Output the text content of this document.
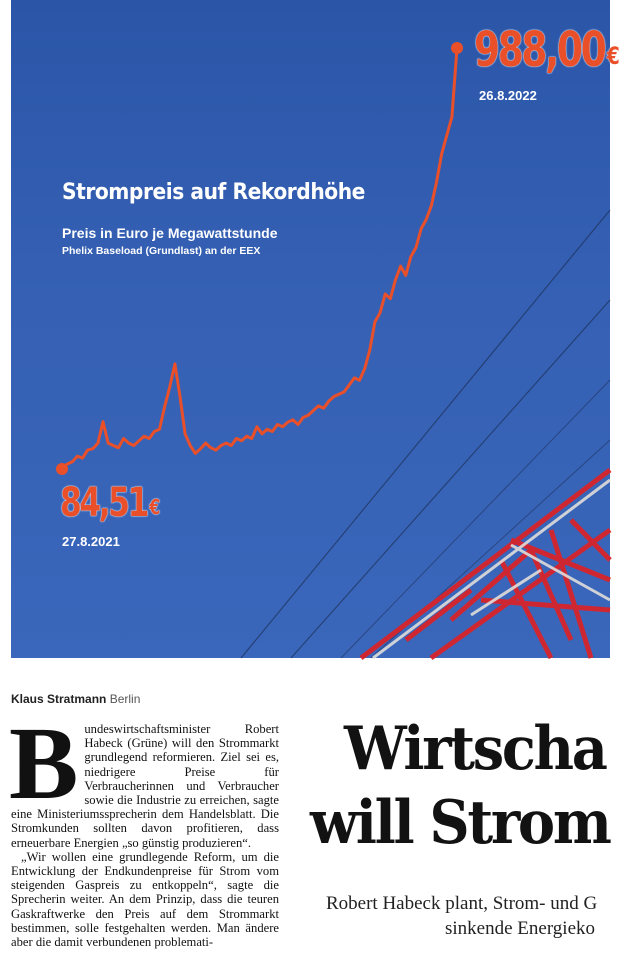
Strompreis auf Rekordhöhe
Preis in Euro je Megawattstunde
Phelix Baseload (Grundlast) an der EEX
988,00€
26.8.2022
84,51 €
27.8.2021
Klaus Stratmann Berlin

Bundeswirtschaftsminister Robert Habeck (Grüne) will den Strommarkt grundlegend reformieren. Ziel sei es, niedrigere Preise für Verbraucherinnen und Verbraucher sowie die Industrie zu erreichen, sagte eine Ministeriumssprecherin dem Handelsblatt. Die Stromkunden sollten davon profitieren, dass erneuerbare Energien „so günstig produzieren“.

„Wir wollen eine grundlegende Reform, um die Entwicklung der Endkundenpreise für Strom vom steigenden Gaspreis zu entkoppeln“, sagte die Sprecherin weiter. An dem Prinzip, dass die teuren Gaskraftwerke den Preis auf dem Strommarkt bestimmen, solle festgehalten werden. Man ändere aber die damit verbundenen problemati-

Wirtscha
will Strom
Robert Habeck plant, Strom- und G
sinkende Energieko
